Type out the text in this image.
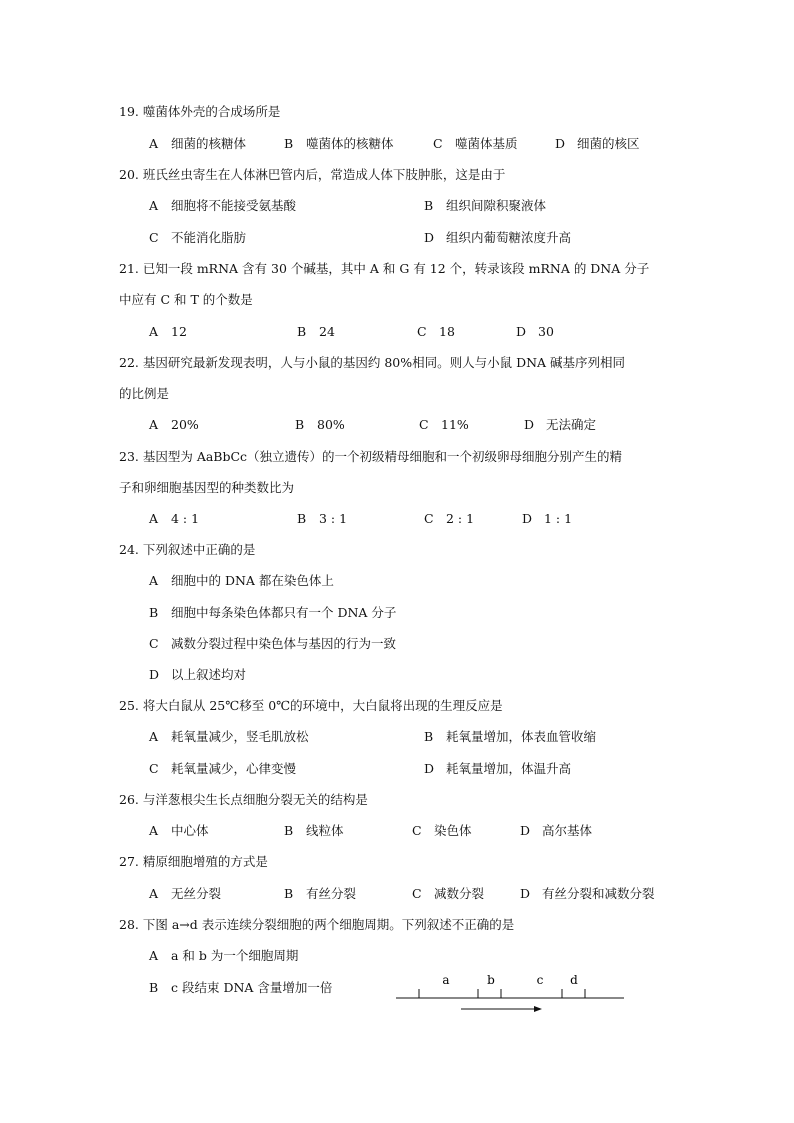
19. 噬菌体外壳的合成场所是
A 细菌的核糖体	B 噬菌体的核糖体	C 噬菌体基质	D 细菌的核区
20. 班氏丝虫寄生在人体淋巴管内后，常造成人体下肢肿胀，这是由于
A 细胞将不能接受氨基酸	B 组织间隙积聚液体
C 不能消化脂肪	D 组织内葡萄糖浓度升高
21. 已知一段 mRNA 含有 30 个碱基，其中 A 和 G 有 12 个，转录该段 mRNA 的 DNA 分子
中应有 C 和 T 的个数是
A 12	B 24	C 18	D 30
22. 基因研究最新发现表明，人与小鼠的基因约 80%相同。则人与小鼠 DNA 碱基序列相同
的比例是
A 20%	B 80%	C 11%	D 无法确定
23. 基因型为 AaBbCc（独立遗传）的一个初级精母细胞和一个初级卵母细胞分别产生的精
子和卵细胞基因型的种类数比为
A 4 : 1	B 3 : 1	C 2 : 1	D 1 : 1
24. 下列叙述中正确的是
A 细胞中的 DNA 都在染色体上
B 细胞中每条染色体都只有一个 DNA 分子
C 减数分裂过程中染色体与基因的行为一致
D 以上叙述均对
25. 将大白鼠从 25℃移至 0℃的环境中，大白鼠将出现的生理反应是
A 耗氧量减少，竖毛肌放松	B 耗氧量增加，体表血管收缩
C 耗氧量减少，心律变慢	D 耗氧量增加，体温升高
26. 与洋葱根尖生长点细胞分裂无关的结构是
A 中心体	B 线粒体	C 染色体	D 高尔基体
27. 精原细胞增殖的方式是
A 无丝分裂	B 有丝分裂	C 减数分裂	D 有丝分裂和减数分裂
28. 下图 a→d 表示连续分裂细胞的两个细胞周期。下列叙述不正确的是
A a 和 b 为一个细胞周期
B c 段结束 DNA 含量增加一倍	a	b	c d
